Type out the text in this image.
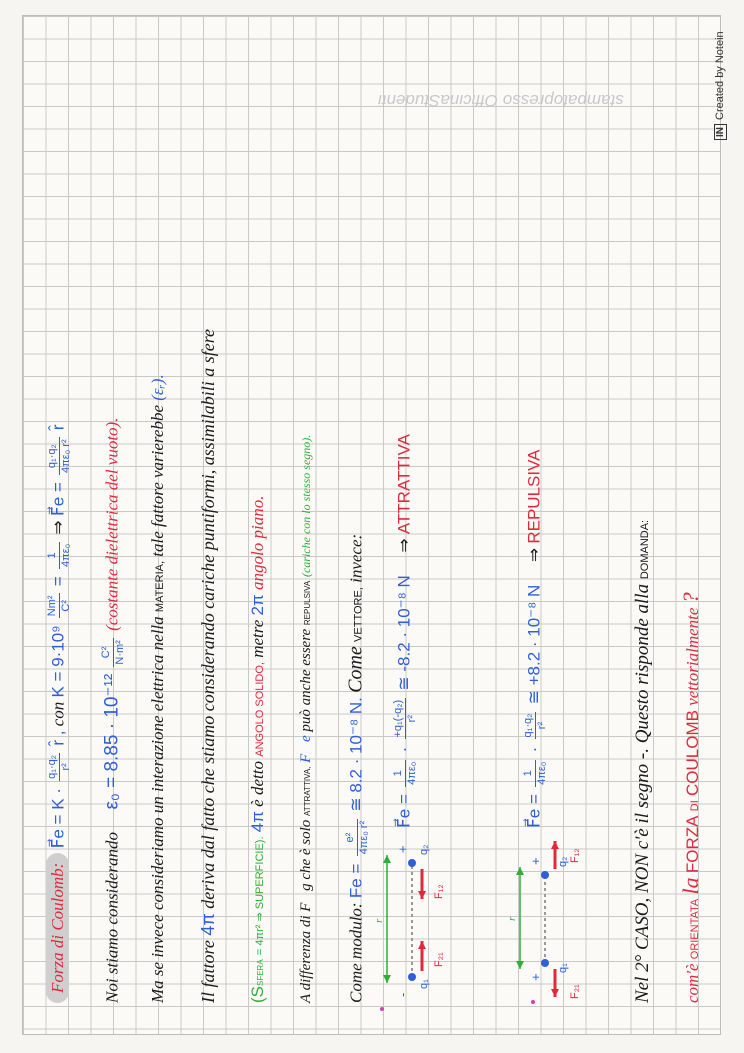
INCreated by Notein
stampatopresso OfficinaStudenti
Forza di Coulomb: F⃗e = K ·
q₁·q₂ r²
r̂ , con K = 9·10⁹
Nm² C²
=
1 4πε₀
⇒ F⃗e =
q₁·q₂ 4πε₀ r²
r̂
Noi stiamo considerando  ε₀ = 8.85 · 10⁻¹²
C² N·m²
(costante dielettrica del vuoto).
Ma se invece consideriamo un interazione elettrica nella MATERIA, tale fattore varierebbe (εᵣ).
Il fattore 4π deriva dal fatto che stiamo considerando cariche puntiformi, assimilabili a sfere
(SSFERA = 4πr² ⇒ SUPERFICIE). 4π è detto ANGOLO SOLIDO, metre 2π angolo piano.
A differenza di F⃗g che è solo ATTRATTIVA, F⃗e può anche essere REPULSIVA (cariche con lo stesso segno).
Come modulo: Fe =
e² 4πε₀ r²
≅ 8.2 · 10⁻⁸ N. Come VETTORE, invece:
F⃗e =
1 4πε₀
·
+q₁(-q₂) r²
≅ -8.2 · 10⁻⁸ N  ⇒ ATTRATTIVA
F⃗e =
1 4πε₀
·
q₁·q₂ r²
≅ +8.2 · 10⁻⁸ N  ⇒ REPULSIVA
-
q₁
q₂
+
r
F₂₁
F₁₂
+
q₁
q₂
+
r
F₂₁
F₁₂	Nel 2° CASO, NON c'è il segno -. Questo risponde alla DOMANDA:
com'è ORIENTATA la FORZA DI COULOMB vettorialmente ?
